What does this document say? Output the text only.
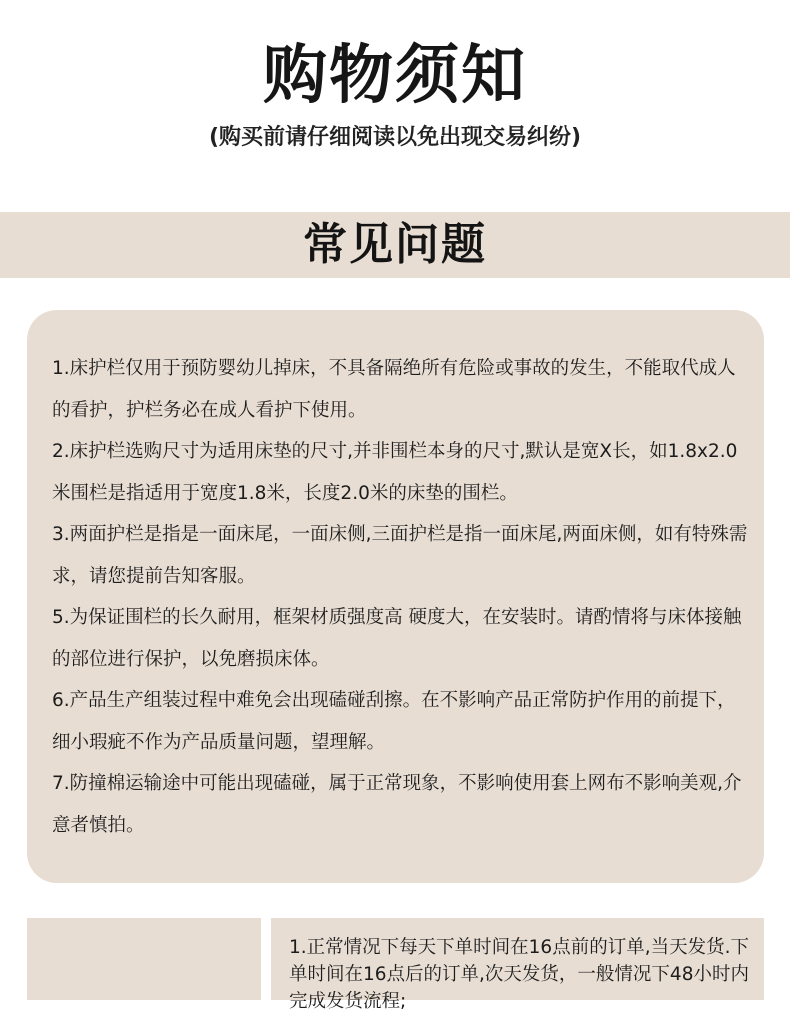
购物须知
(购买前请仔细阅读以免出现交易纠纷)
常见问题
1.床护栏仅用于预防婴幼儿掉床，不具备隔绝所有危险或事故的发生，不能取代成人的看护，护栏务必在成人看护下使用。
2.床护栏选购尺寸为适用床垫的尺寸,并非围栏本身的尺寸,默认是宽X长，如1.8x2.0米围栏是指适用于宽度1.8米，长度2.0米的床垫的围栏。
3.两面护栏是指是一面床尾，一面床侧,三面护栏是指一面床尾,两面床侧，如有特殊需求，请您提前告知客服。
5.为保证围栏的长久耐用，框架材质强度高 硬度大，在安装时。请酌情将与床体接触的部位进行保护，以免磨损床体。
6.产品生产组装过程中难免会出现磕碰刮擦。在不影响产品正常防护作用的前提下，细小瑕疵不作为产品质量问题，望理解。
7.防撞棉运输途中可能出现磕碰，属于正常现象，不影响使用套上网布不影响美观,介意者慎拍。

1.正常情况下每天下单时间在16点前的订单,当天发货.下单时间在16点后的订单,次天发货，一般情况下48小时内完成发货流程;
